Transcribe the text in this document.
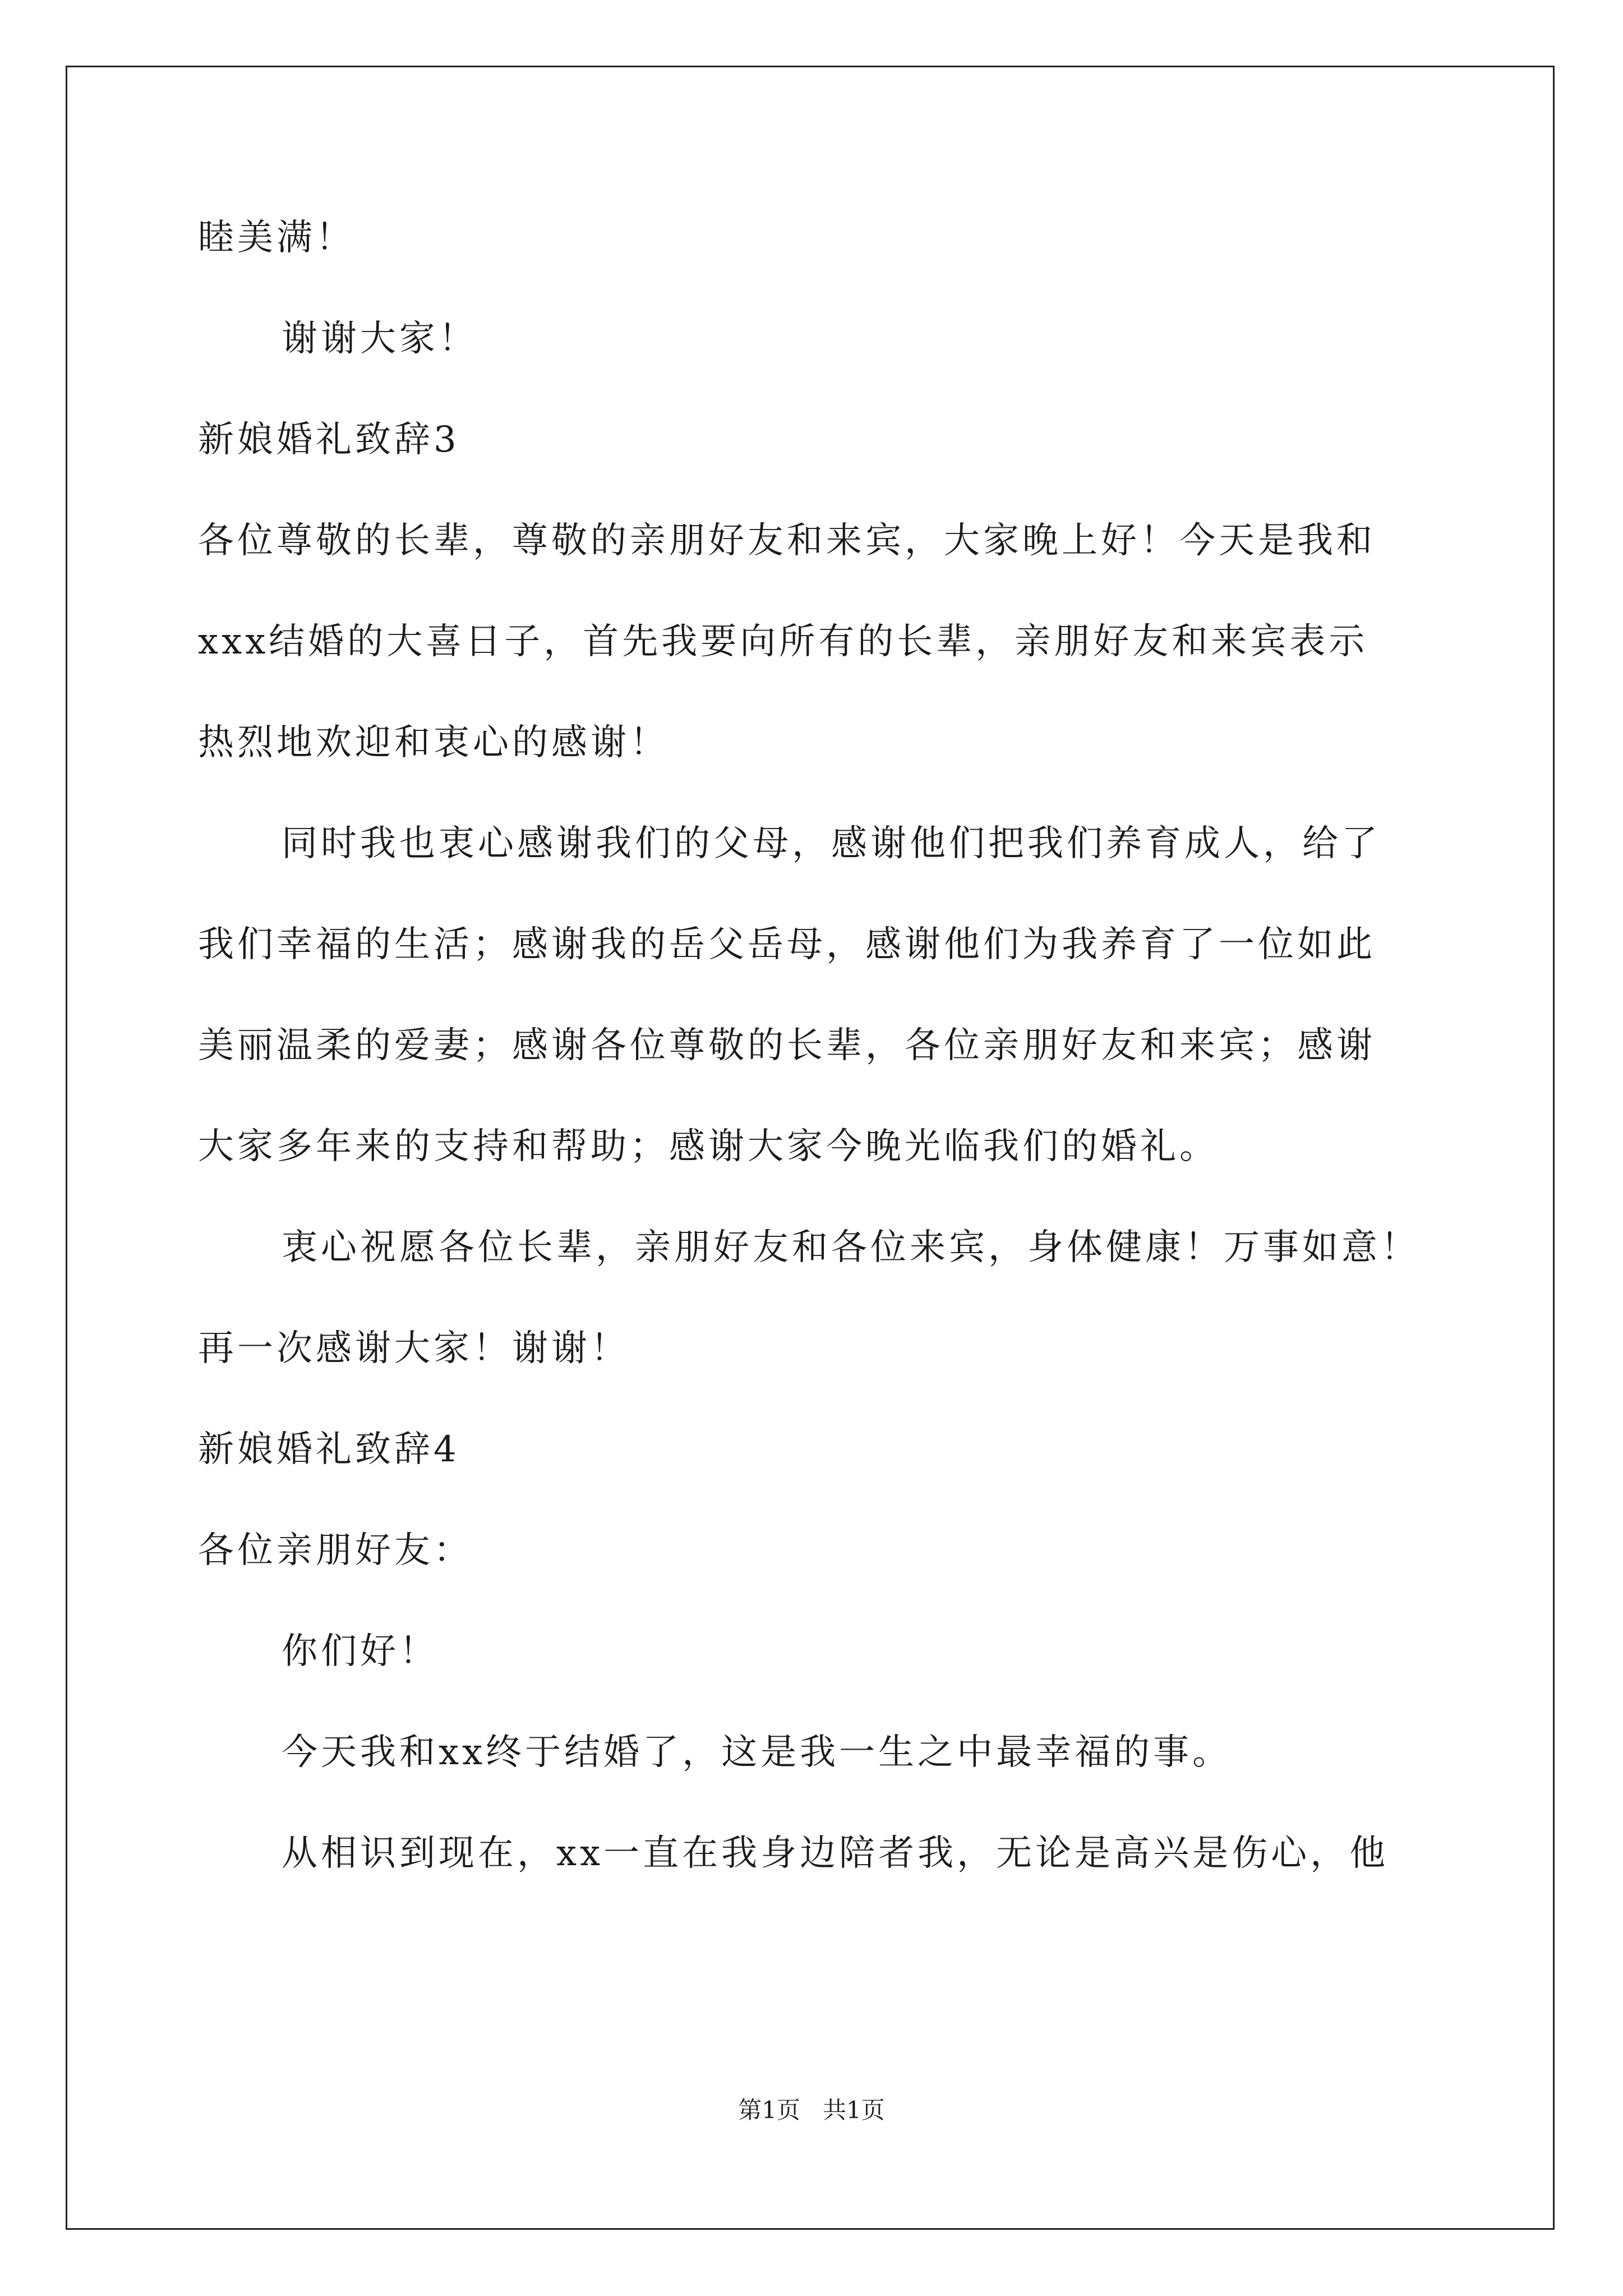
睦美满！
谢谢大家！
新娘婚礼致辞3
各位尊敬的长辈，尊敬的亲朋好友和来宾，大家晚上好！今天是我和
xxx结婚的大喜日子，首先我要向所有的长辈，亲朋好友和来宾表示
热烈地欢迎和衷心的感谢！
同时我也衷心感谢我们的父母，感谢他们把我们养育成人，给了
我们幸福的生活；感谢我的岳父岳母，感谢他们为我养育了一位如此
美丽温柔的爱妻；感谢各位尊敬的长辈，各位亲朋好友和来宾；感谢
大家多年来的支持和帮助；感谢大家今晚光临我们的婚礼。
衷心祝愿各位长辈，亲朋好友和各位来宾，身体健康！万事如意！
再一次感谢大家！谢谢！
新娘婚礼致辞4
各位亲朋好友：
你们好！
今天我和xx终于结婚了，这是我一生之中最幸福的事。
从相识到现在，xx一直在我身边陪者我，无论是高兴是伤心，他
第1页   共1页
